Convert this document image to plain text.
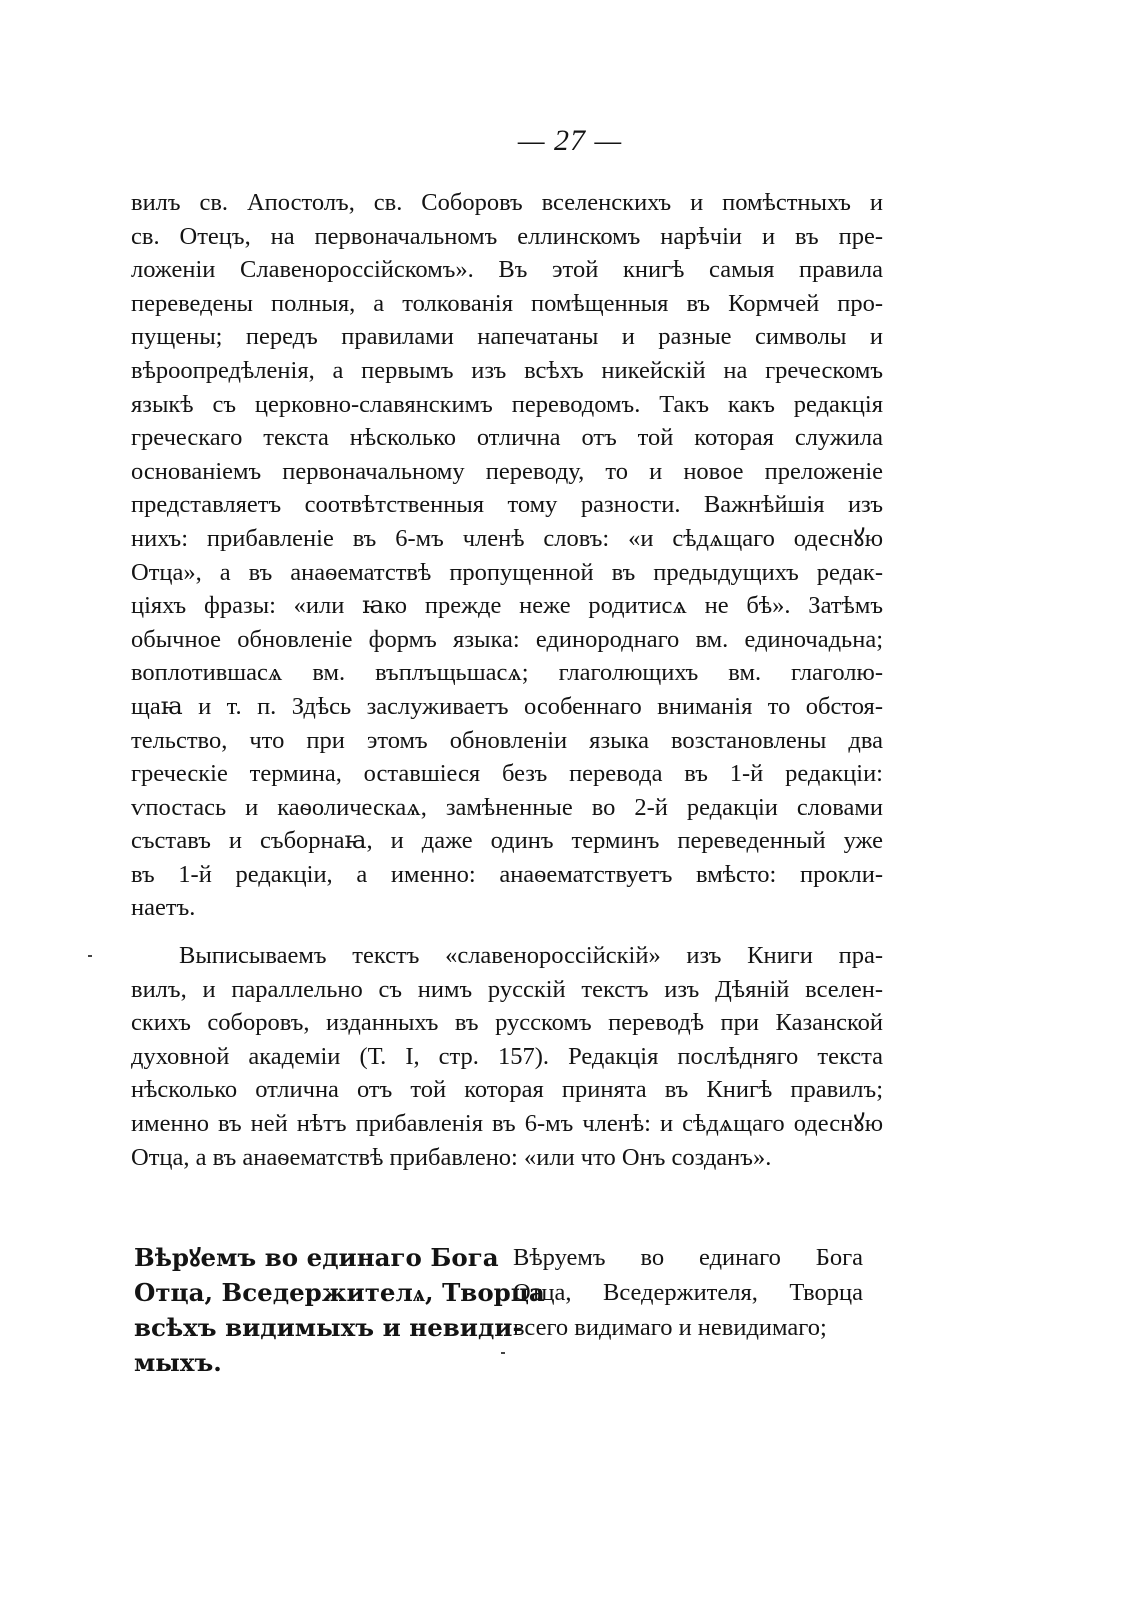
— 27 —
вилъ св. Апостолъ, св. Соборовъ вселенскихъ и помѣстныхъ и
св. Отецъ, на первоначальномъ еллинскомъ нарѣчіи и въ пре-
ложеніи Славенороссійскомъ». Въ этой книгѣ самыя правила
переведены полныя, а толкованія помѣщенныя въ Кормчей про-
пущены; передъ правилами напечатаны и разные символы и
вѣроопредѣленія, а первымъ изъ всѣхъ никейскій на греческомъ
языкѣ съ церковно-славянскимъ переводомъ. Такъ какъ редакція
греческаго текста нѣсколько отлична отъ той которая служила
основаніемъ первоначальному переводу, то и новое преложеніе
представляетъ соотвѣтственныя тому разности. Важнѣйшія изъ
нихъ: прибавленіе въ 6-мъ членѣ словъ: «и сѣдѧщаго одеснꙋю
Отца», а въ анаѳематствѣ пропущенной въ предыдущихъ редак-
ціяхъ фразы: «или ꙗко прежде неже родитисѧ не бѣ». Затѣмъ
обычное обновленіе формъ языка: единороднаго вм. единочадьна;
воплотившасѧ вм. въплъщьшасѧ; глаголющихъ вм. глаголю-
щаꙗ и т. п. Здѣсь заслуживаетъ особеннаго вниманія то обстоя-
тельство, что при этомъ обновленіи языка возстановлены два
греческіе термина, оставшіеся безъ перевода въ 1-й редакціи:
ѵпостась и каѳолическаѧ, замѣненные во 2-й редакціи словами
съставъ и съборнаꙗ, и даже одинъ терминъ переведенный уже
въ 1-й редакціи, а именно: анаѳематствуетъ вмѣсто: прокли-
наетъ.
Выписываемъ текстъ «славенороссійскій» изъ Книги пра-
вилъ, и параллельно съ нимъ русскій текстъ изъ Дѣяній вселен-
скихъ соборовъ, изданныхъ въ русскомъ переводѣ при Казанской
духовной академіи (Т. I, стр. 157). Редакція послѣдняго текста
нѣсколько отлична отъ той которая принята въ Книгѣ правилъ;
именно въ ней нѣтъ прибавленія въ 6-мъ членѣ: и сѣдѧщаго одеснꙋю
Отца, а въ анаѳематствѣ прибавлено: «или что Онъ созданъ».
Вѣрꙋемъ во единаго Бога
Отца, Вседержителѧ, Творца
всѣхъ видимыхъ и невиди-
мыхъ.
Вѣруемъ во единаго Бога
Отца, Вседержителя, Творца
всего видимаго и невидимаго;
